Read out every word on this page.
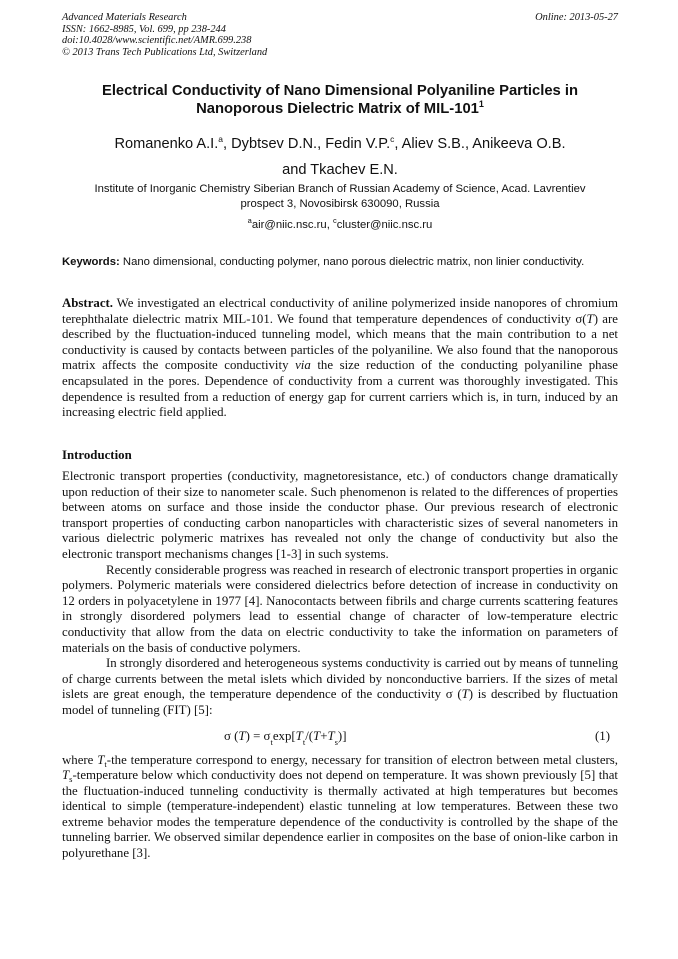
Advanced Materials Research
ISSN: 1662-8985, Vol. 699, pp 238-244
doi:10.4028/www.scientific.net/AMR.699.238
© 2013 Trans Tech Publications Ltd, Switzerland
Online: 2013-05-27
Electrical Conductivity of Nano Dimensional Polyaniline Particles in
Nanoporous Dielectric Matrix of MIL-$101^1$
Romanenko A.I.$^a$, Dybtsev D.N., Fedin V.P.$^c$, Aliev S.B., Anikeeva O.B.
and Tkachev E.N.
Institute of Inorganic Chemistry Siberian Branch of Russian Academy of Science, Acad. Lavrentiev
prospect 3, Novosibirsk 630090, Russia
$^a$air@niic.nsc.ru, $^c$cluster@niic.nsc.ru
Keywords: Nano dimensional, conducting polymer, nano porous dielectric matrix, non linier conductivity.
Abstract. We investigated an electrical conductivity of aniline polymerized inside nanopores of chromium terephthalate dielectric matrix MIL-101. We found that temperature dependences of conductivity σ(T) are described by the fluctuation-induced tunneling model, which means that the main contribution to a net conductivity is caused by contacts between particles of the polyaniline. We also found that the nanoporous matrix affects the composite conductivity via the size reduction of the conducting polyaniline phase encapsulated in the pores. Dependence of conductivity from a current was thoroughly investigated. This dependence is resulted from a reduction of energy gap for current carriers which is, in turn, induced by an increasing electric field applied.
Introduction

Electronic transport properties (conductivity, magnetoresistance, etc.) of conductors change dramatically upon reduction of their size to nanometer scale. Such phenomenon is related to the differences of properties between atoms on surface and those inside the conductor phase. Our previous research of electronic transport properties of conducting carbon nanoparticles with characteristic sizes of several nanometers in various dielectric polymeric matrixes has revealed not only the change of conductivity but also the electronic transport mechanisms changes [1-3] in such systems.

Recently considerable progress was reached in research of electronic transport properties in organic polymers. Polymeric materials were considered dielectrics before detection of increase in conductivity on 12 orders in polyacetylene in 1977 [4]. Nanocontacts between fibrils and charge currents scattering features in strongly disordered polymers lead to essential change of character of low-temperature electric conductivity that allow from the data on electric conductivity to take the information on parameters of materials on the basis of conductive polymers.

In strongly disordered and heterogeneous systems conductivity is carried out by means of tunneling of charge currents between the metal islets which divided by nonconductive barriers. If the sizes of metal islets are great enough, the temperature dependence of the conductivity σ (T) is described by fluctuation model of tunneling (FIT) [5]:

σ $(T) = \sigma_t\exp[T_t/(T+T_s)]$	(1)

where $T_t$-the temperature correspond to energy, necessary for transition of electron between metal clusters, $T_s$-temperature below which conductivity does not depend on temperature. It was shown previously [5] that the fluctuation-induced tunneling conductivity is thermally activated at high temperatures but becomes identical to simple (temperature-independent) elastic tunneling at low temperatures. Between these two extreme behavior modes the temperature dependence of the conductivity is controlled by the shape of the tunneling barrier. We observed similar dependence earlier in composites on the base of onion-like carbon in polyurethane [3].
